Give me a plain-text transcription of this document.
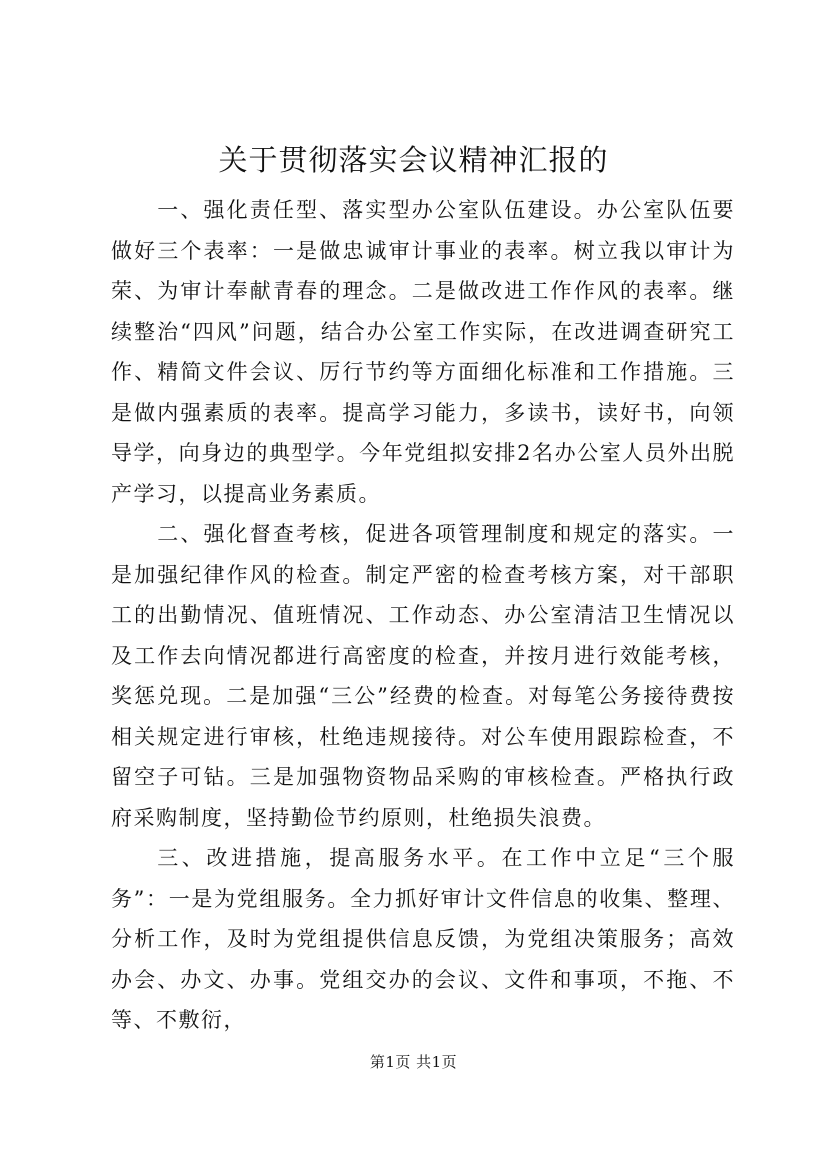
关于贯彻落实会议精神汇报的

一、强化责任型、落实型办公室队伍建设。办公室队伍要做好三个表率：一是做忠诚审计事业的表率。树立我以审计为荣、为审计奉献青春的理念。二是做改进工作作风的表率。继续整治“四风”问题，结合办公室工作实际，在改进调查研究工作、精简文件会议、厉行节约等方面细化标准和工作措施。三是做内强素质的表率。提高学习能力，多读书，读好书，向领导学，向身边的典型学。今年党组拟安排2名办公室人员外出脱产学习，以提高业务素质。

二、强化督查考核，促进各项管理制度和规定的落实。一是加强纪律作风的检查。制定严密的检查考核方案，对干部职工的出勤情况、值班情况、工作动态、办公室清洁卫生情况以及工作去向情况都进行高密度的检查，并按月进行效能考核，奖惩兑现。二是加强“三公”经费的检查。对每笔公务接待费按相关规定进行审核，杜绝违规接待。对公车使用跟踪检查，不留空子可钻。三是加强物资物品采购的审核检查。严格执行政府采购制度，坚持勤俭节约原则，杜绝损失浪费。

三、改进措施，提高服务水平。在工作中立足“三个服务”：一是为党组服务。全力抓好审计文件信息的收集、整理、分析工作，及时为党组提供信息反馈，为党组决策服务；高效办会、办文、办事。党组交办的会议、文件和事项，不拖、不等、不敷衍，

第1页 共1页
